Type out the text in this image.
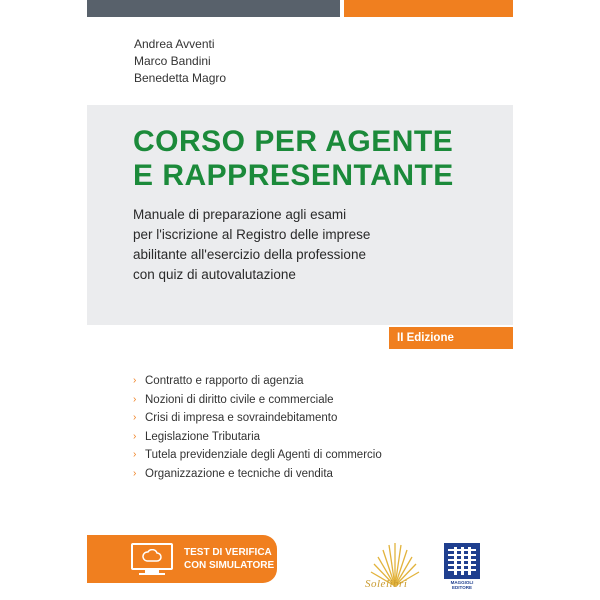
Andrea Avventi
Marco Bandini
Benedetta Magro
CORSO PER AGENTE
E RAPPRESENTANTE
Manuale di preparazione agli esami
per l'iscrizione al Registro delle imprese
abilitante all'esercizio della professione
con quiz di autovalutazione
II Edizione
› Contratto e rapporto di agenzia
› Nozioni di diritto civile e commerciale
› Crisi di impresa e sovraindebitamento
› Legislazione Tributaria
› Tutela previdenziale degli Agenti di commercio
› Organizzazione e tecniche di vendita
TEST DI VERIFICA
CON SIMULATORE
Solelibri	MAGGIOLI
EDITORE
